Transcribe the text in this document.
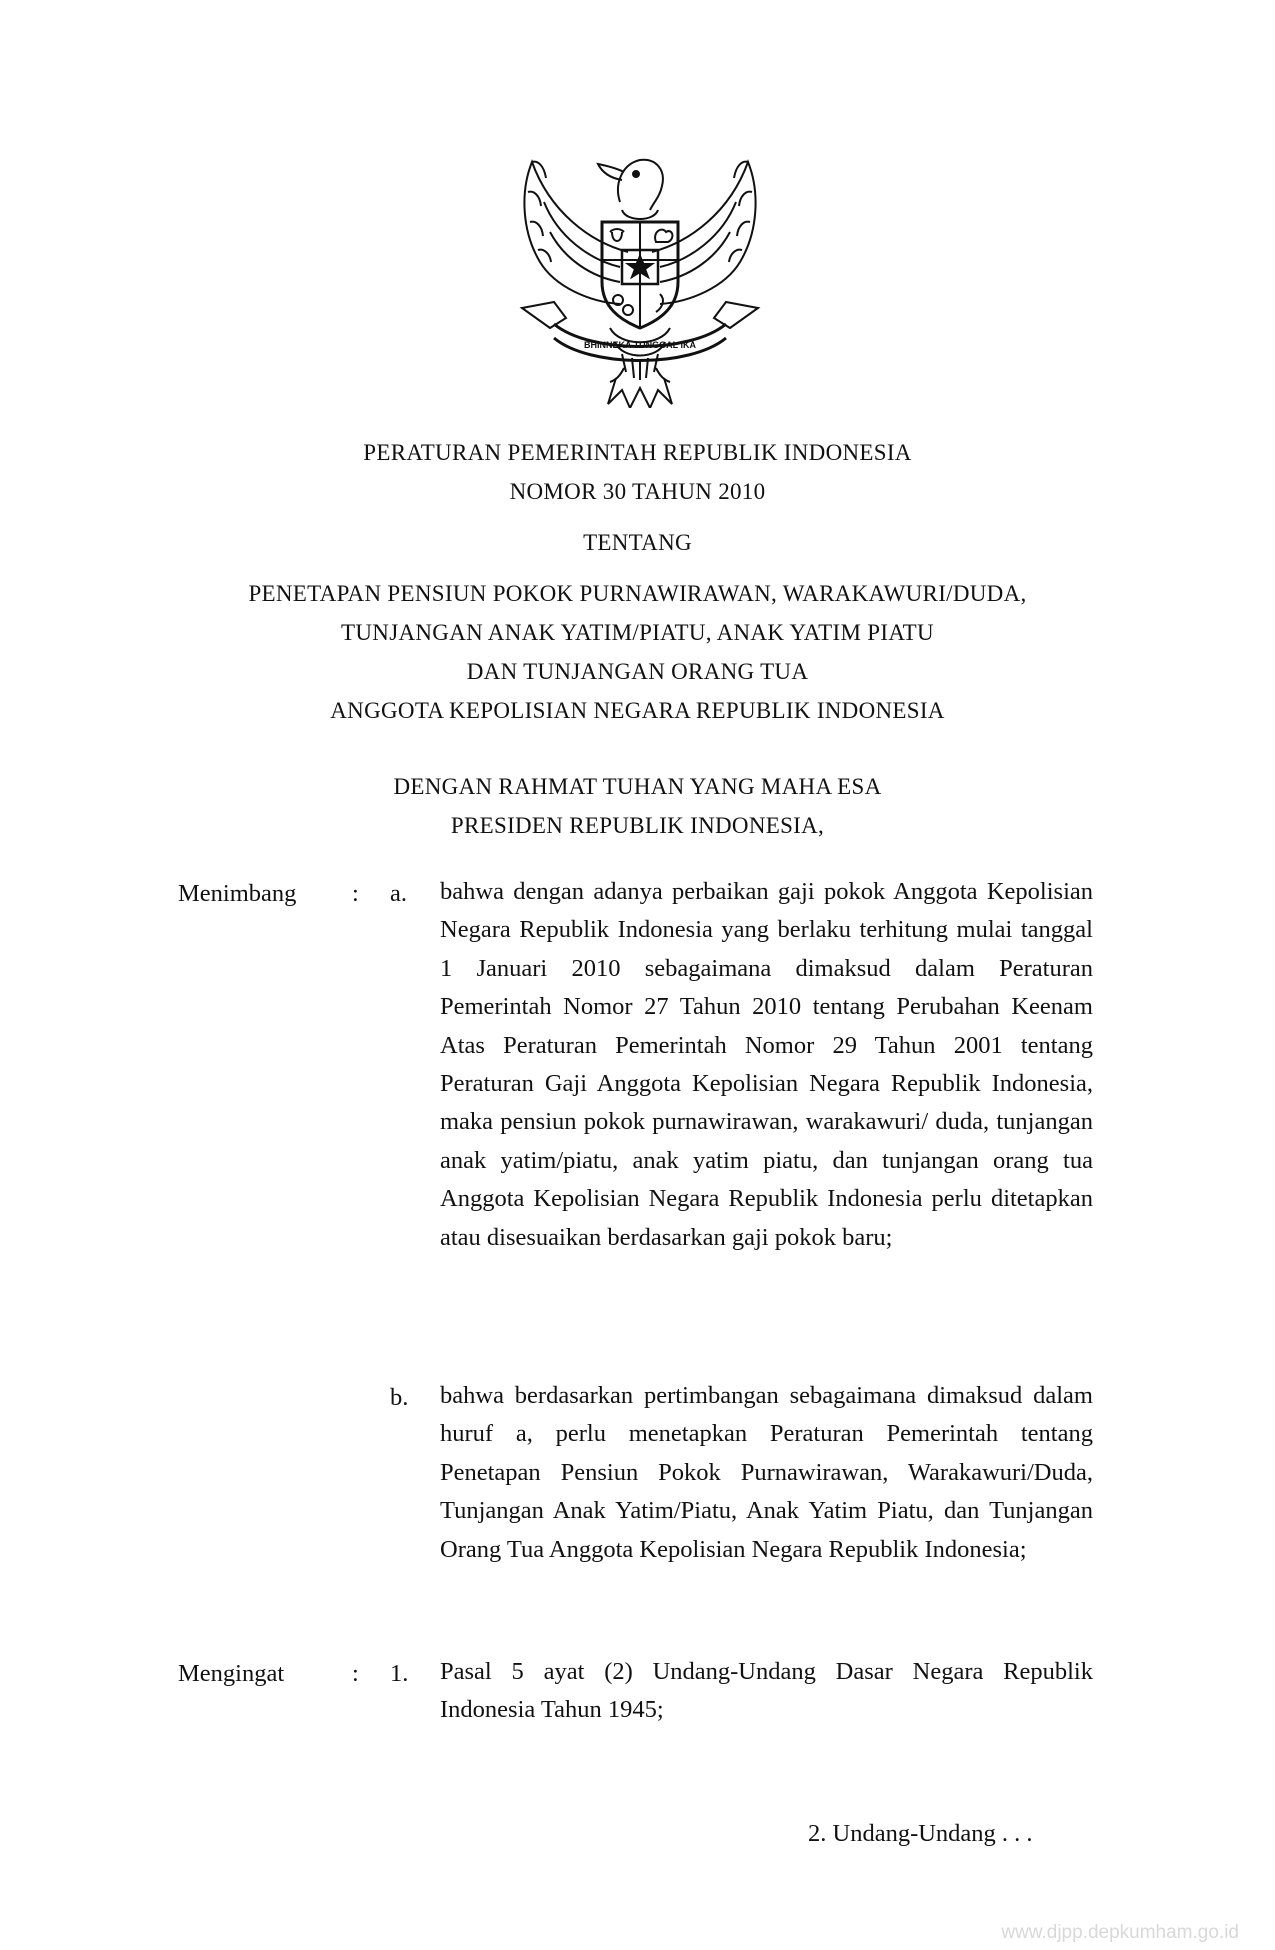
BHINNEKA TUNGGAL IKA
PERATURAN PEMERINTAH REPUBLIK INDONESIA
NOMOR 30 TAHUN 2010
TENTANG
PENETAPAN PENSIUN POKOK PURNAWIRAWAN, WARAKAWURI/DUDA,
TUNJANGAN ANAK YATIM/PIATU, ANAK YATIM PIATU
DAN TUNJANGAN ORANG TUA
ANGGOTA KEPOLISIAN NEGARA REPUBLIK INDONESIA
DENGAN RAHMAT TUHAN YANG MAHA ESA
PRESIDEN REPUBLIK INDONESIA,
Menimbang : a. bahwa dengan adanya perbaikan gaji pokok Anggota Kepolisian Negara Republik Indonesia yang berlaku terhitung mulai tanggal 1 Januari 2010 sebagaimana dimaksud dalam Peraturan Pemerintah Nomor 27 Tahun 2010 tentang Perubahan Keenam Atas Peraturan Pemerintah Nomor 29 Tahun 2001 tentang Peraturan Gaji Anggota Kepolisian Negara Republik Indonesia, maka pensiun pokok purnawirawan, warakawuri/ duda, tunjangan anak yatim/piatu, anak yatim piatu, dan tunjangan orang tua Anggota Kepolisian Negara Republik Indonesia perlu ditetapkan atau disesuaikan berdasarkan gaji pokok baru;
b. bahwa berdasarkan pertimbangan sebagaimana dimaksud dalam huruf a, perlu menetapkan Peraturan Pemerintah tentang Penetapan Pensiun Pokok Purnawirawan, Warakawuri/Duda, Tunjangan Anak Yatim/Piatu, Anak Yatim Piatu, dan Tunjangan Orang Tua Anggota Kepolisian Negara Republik Indonesia;
Mengingat	: 1. Pasal 5 ayat (2) Undang-Undang Dasar Negara Republik Indonesia Tahun 1945;
2. Undang-Undang . . .
www.djpp.depkumham.go.id
